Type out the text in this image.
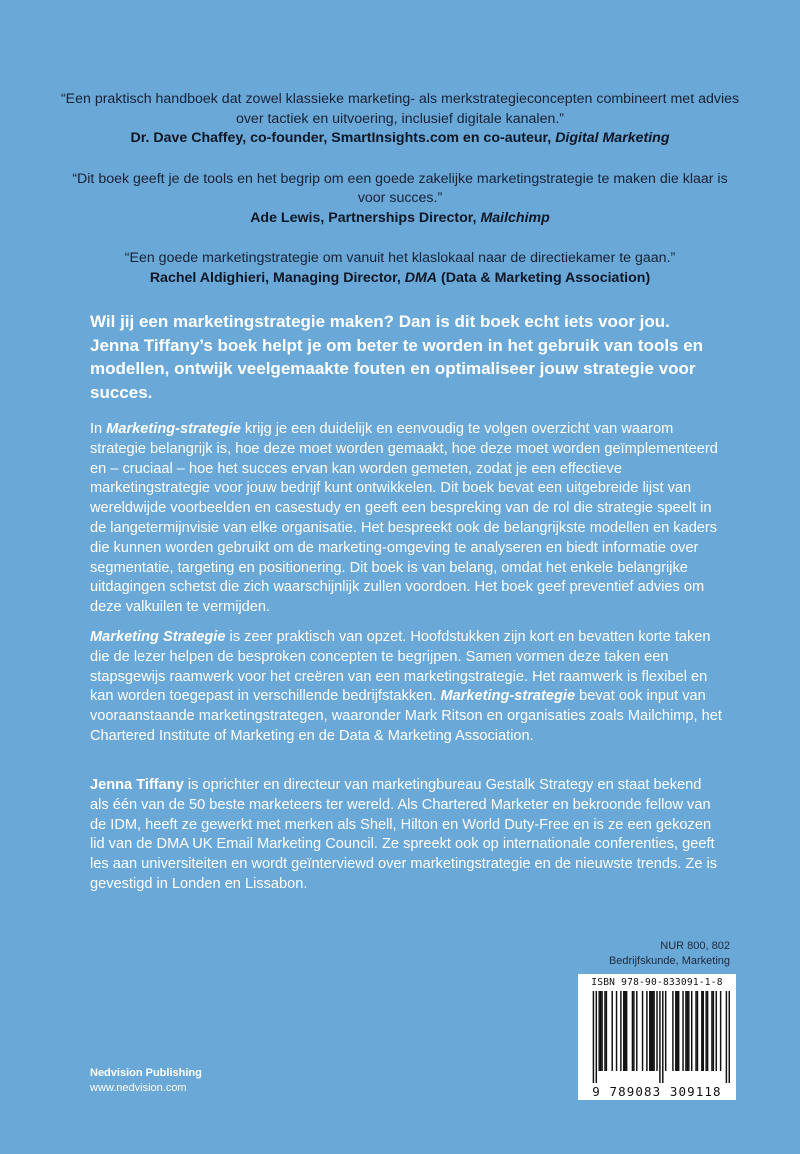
“Een praktisch handboek dat zowel klassieke marketing- als merkstrategieconcepten combineert met advies over tactiek en uitvoering, inclusief digitale kanalen.”

Dr. Dave Chaffey, co-founder, SmartInsights.com en co-auteur, Digital Marketing

“Dit boek geeft je de tools en het begrip om een goede zakelijke marketingstrategie te maken die klaar is voor succes.”

Ade Lewis, Partnerships Director, Mailchimp

“Een goede marketingstrategie om vanuit het klaslokaal naar de directiekamer te gaan.”

Rachel Aldighieri, Managing Director, DMA (Data & Marketing Association)

Wil jij een marketingstrategie maken? Dan is dit boek echt iets voor jou. Jenna Tiffany’s boek helpt je om beter te worden in het gebruik van tools en modellen, ontwijk veelgemaakte fouten en optimaliseer jouw strategie voor succes.

In Marketing-strategie krijg je een duidelijk en eenvoudig te volgen overzicht van waarom strategie belangrijk is, hoe deze moet worden gemaakt, hoe deze moet worden geïmplementeerd en – cruciaal – hoe het succes ervan kan worden gemeten, zodat je een effectieve marketingstrategie voor jouw bedrijf kunt ontwikkelen. Dit boek bevat een uitgebreide lijst van wereldwijde voorbeelden en casestudy en geeft een bespreking van de rol die strategie speelt in de langetermijnvisie van elke organisatie. Het bespreekt ook de belangrijkste modellen en kaders die kunnen worden gebruikt om de marketing-omgeving te analyseren en biedt informatie over segmentatie, targeting en positionering. Dit boek is van belang, omdat het enkele belangrijke uitdagingen schetst die zich waarschijnlijk zullen voordoen. Het boek geef preventief advies om deze valkuilen te vermijden.

Marketing Strategie is zeer praktisch van opzet. Hoofdstukken zijn kort en bevatten korte taken die de lezer helpen de besproken concepten te begrijpen. Samen vormen deze taken een stapsgewijs raamwerk voor het creëren van een marketingstrategie. Het raamwerk is flexibel en kan worden toegepast in verschillende bedrijfstakken. Marketing-strategie bevat ook input van vooraanstaande marketingstrategen, waaronder Mark Ritson en organisaties zoals Mailchimp, het Chartered Institute of Marketing en de Data & Marketing Association.

Jenna Tiffany is oprichter en directeur van marketingbureau Gestalk Strategy en staat bekend als één van de 50 beste marketeers ter wereld. Als Chartered Marketer en bekroonde fellow van de IDM, heeft ze gewerkt met merken als Shell, Hilton en World Duty-Free en is ze een gekozen lid van de DMA UK Email Marketing Council. Ze spreekt ook op internationale conferenties, geeft les aan universiteiten en wordt geïnterviewd over marketingstrategie en de nieuwste trends. Ze is gevestigd in Londen en Lissabon.

NUR 800, 802
Bedrijfskunde, Marketing
ISBN 978-90-833091-1-8
9 789083 309118
Nedvision Publishing
www.nedvision.com
